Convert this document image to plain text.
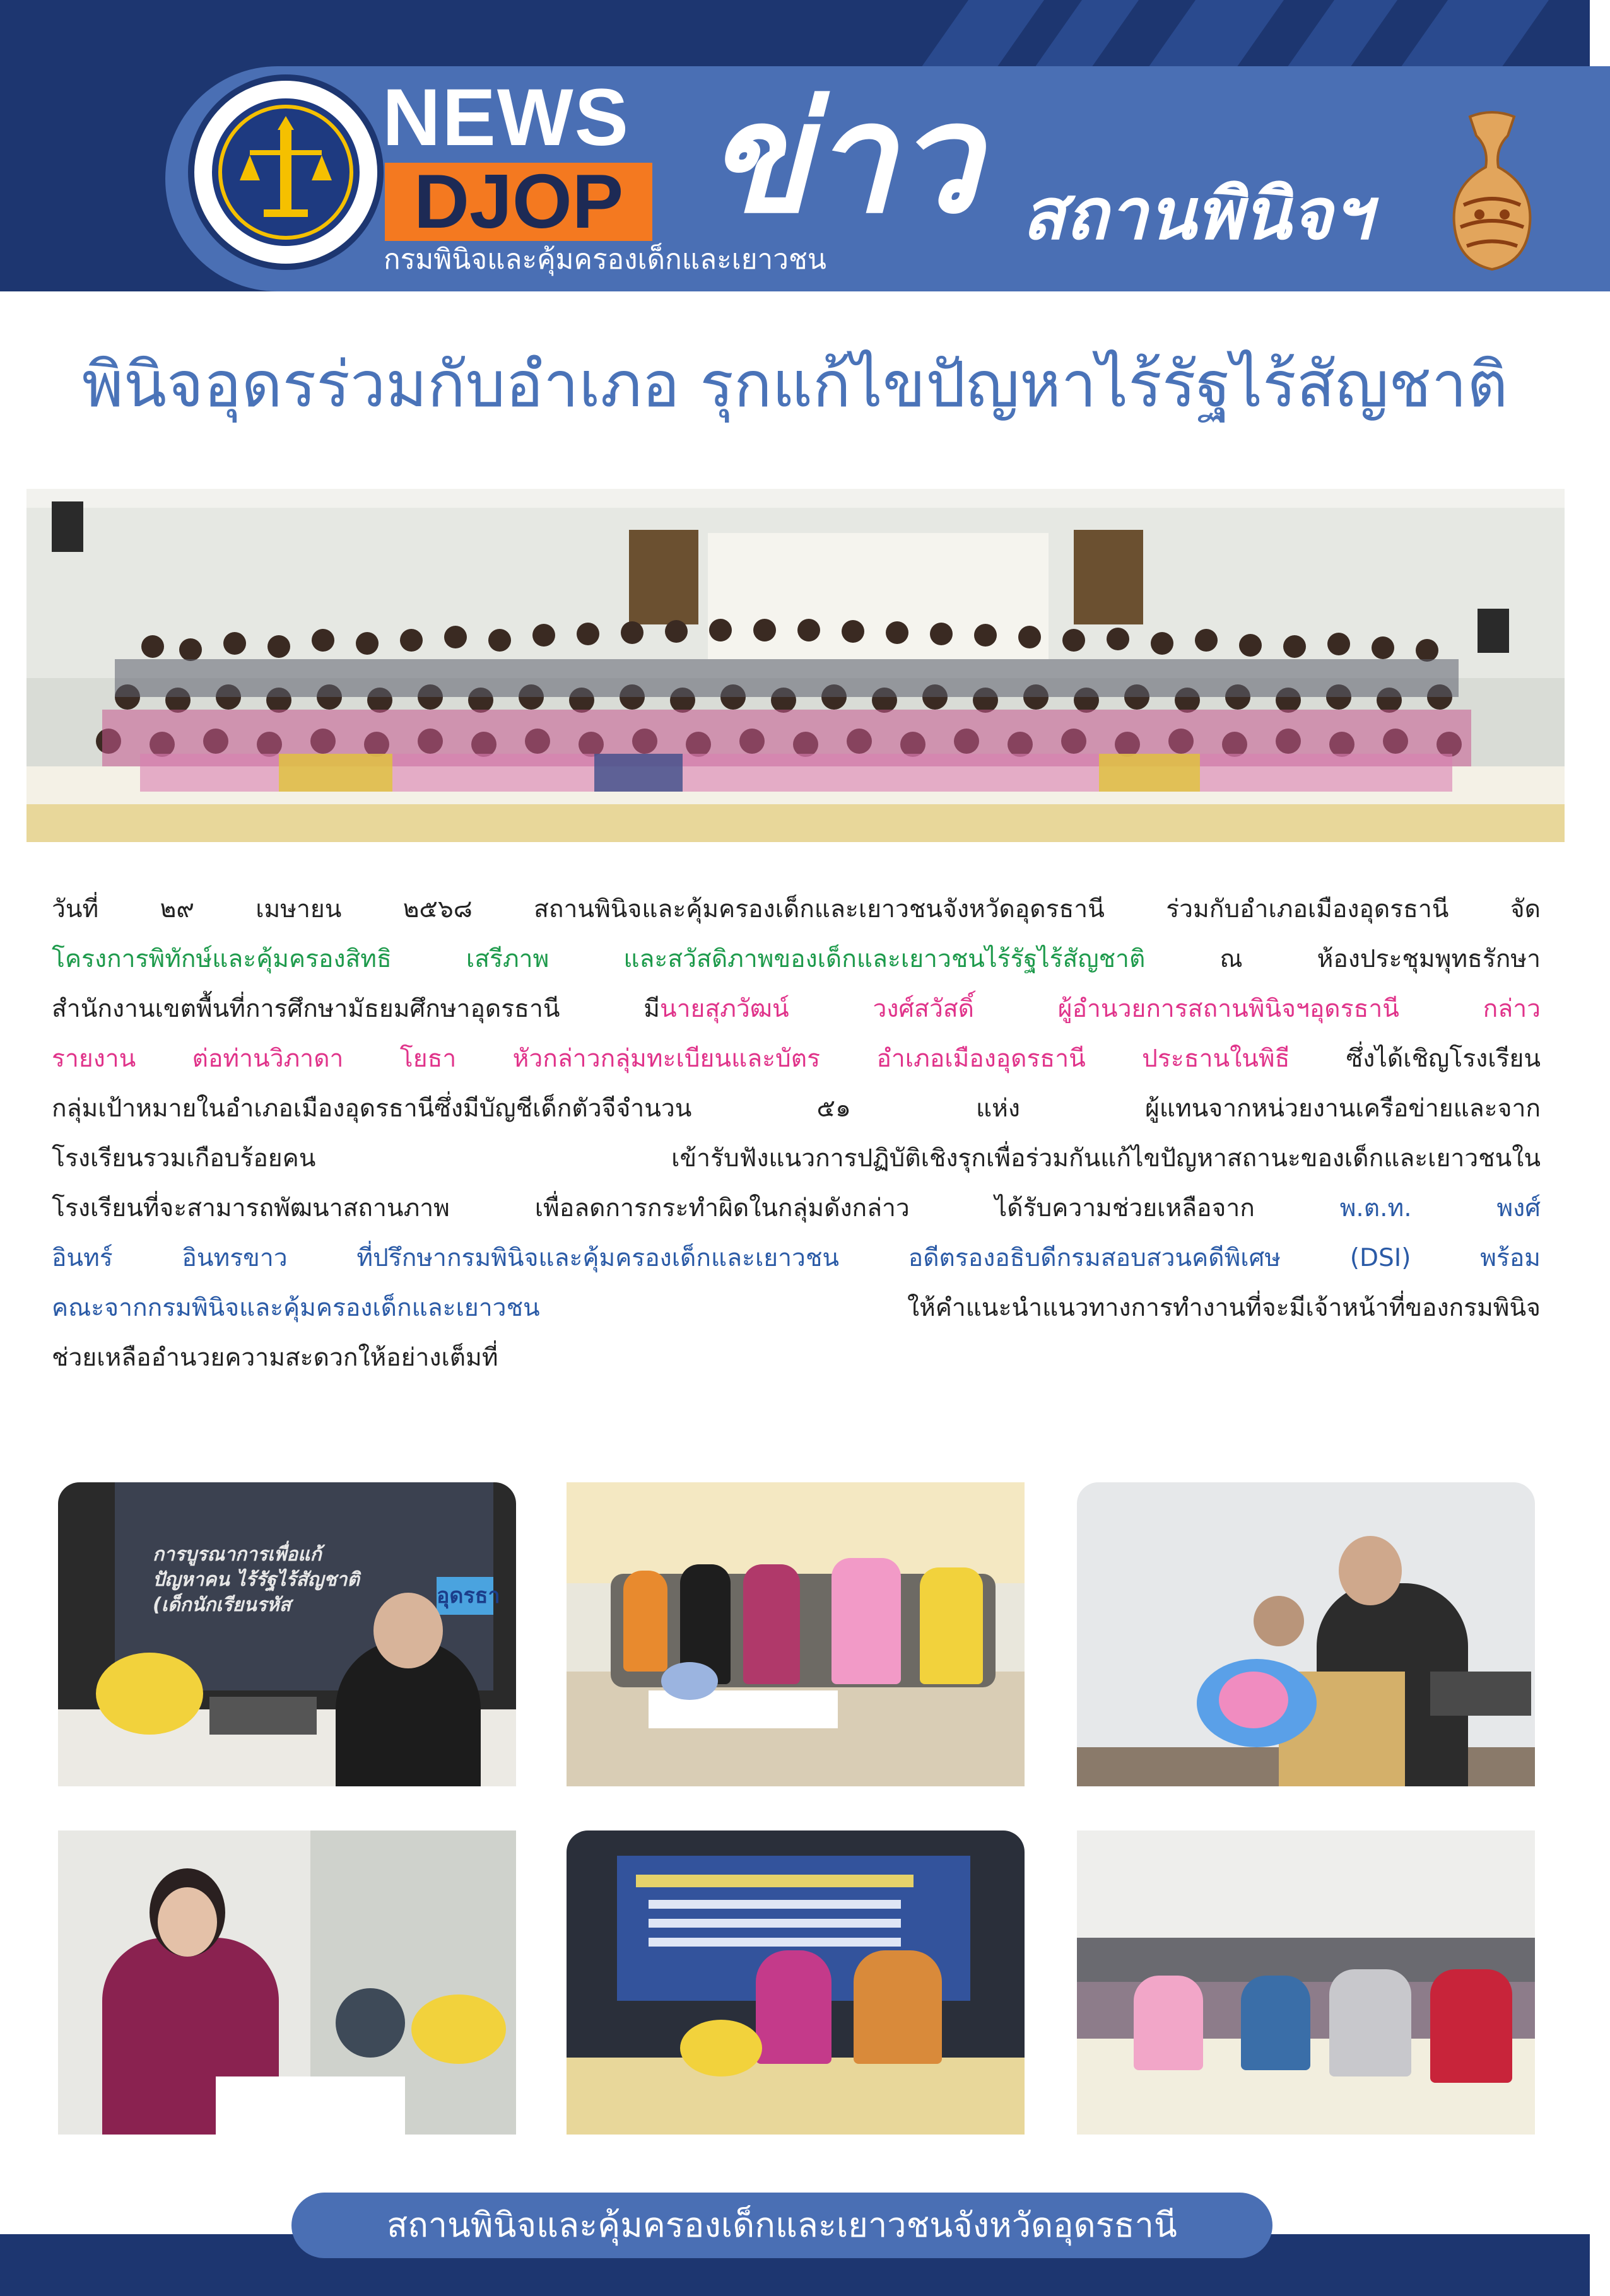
NEWS
DJOP
กรมพินิจและคุ้มครองเด็กและเยาวชน
ข่าว สถานพินิจฯ
พินิจอุดรร่วมกับอำเภอ รุกแก้ไขปัญหาไร้รัฐไร้สัญชาติ
วันที่ ๒๙ เมษายน ๒๕๖๘ สถานพินิจและคุ้มครองเด็กและเยาวชนจังหวัดอุดรธานี ร่วมกับอำเภอเมืองอุดรธานี จัด
โครงการพิทักษ์และคุ้มครองสิทธิ เสรีภาพ และสวัสดิภาพของเด็กและเยาวชนไร้รัฐไร้สัญชาติ ณ ห้องประชุมพุทธรักษา
สำนักงานเขตพื้นที่การศึกษามัธยมศึกษาอุดรธานี มีนายสุภวัฒน์ วงศ์สวัสดิ์ ผู้อำนวยการสถานพินิจฯอุดรธานี กล่าว
รายงาน ต่อท่านวิภาดา โยธา หัวกล่าวกลุ่มทะเบียนและบัตร อำเภอเมืองอุดรธานี ประธานในพิธี ซึ่งได้เชิญโรงเรียน
กลุ่มเป้าหมายในอำเภอเมืองอุดรธานีซึ่งมีบัญชีเด็กตัวจีจำนวน ๕๑ แห่ง ผู้แทนจากหน่วยงานเครือข่ายและจาก
โรงเรียนรวมเกือบร้อยคน เข้ารับฟังแนวการปฏิบัติเชิงรุกเพื่อร่วมกันแก้ไขปัญหาสถานะของเด็กและเยาวชนใน
โรงเรียนที่จะสามารถพัฒนาสถานภาพ เพื่อลดการกระทำผิดในกลุ่มดังกล่าว ได้รับความช่วยเหลือจาก พ.ต.ท. พงศ์
อินทร์ อินทรขาว ที่ปรึกษากรมพินิจและคุ้มครองเด็กและเยาวชน อดีตรองอธิบดีกรมสอบสวนคดีพิเศษ (DSI) พร้อม
คณะจากกรมพินิจและคุ้มครองเด็กและเยาวชน ให้คำแนะนำแนวทางการทำงานที่จะมีเจ้าหน้าที่ของกรมพินิจ
ช่วยเหลืออำนวยความสะดวกให้อย่างเต็มที่
การบูรณาการเพื่อแก้ปัญหาคน ไร้รัฐไร้สัญชาติ (เด็กนักเรียนรหัส	อุดรธา
สถานพินิจและคุ้มครองเด็กและเยาวชนจังหวัดอุดรธานี
